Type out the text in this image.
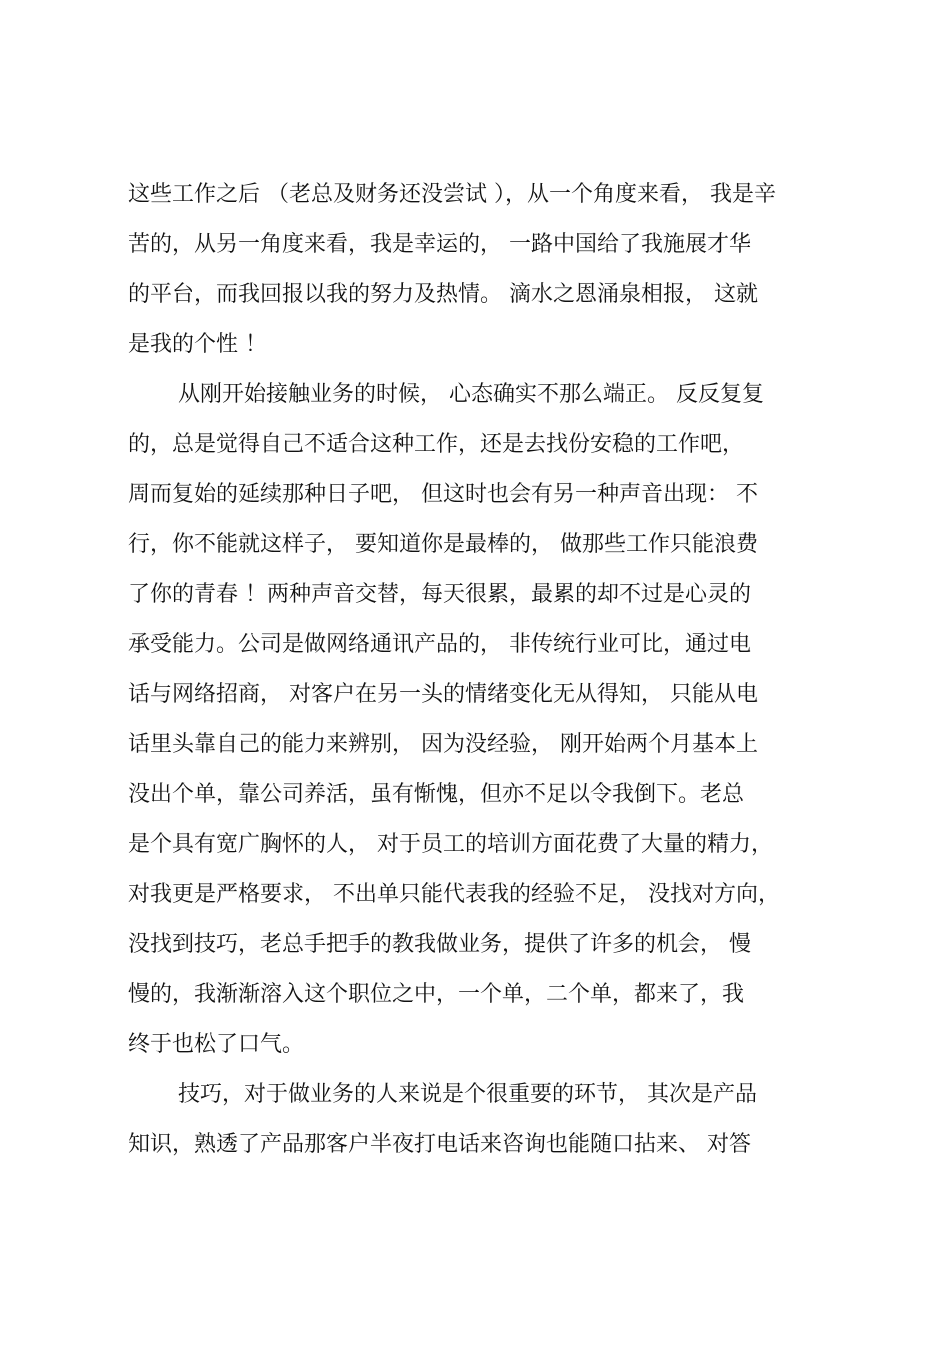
这些工作之后 （老总及财务还没尝试 ），从一个角度来看， 我是辛
苦的，从另一角度来看，我是幸运的， 一路中国给了我施展才华
的平台，而我回报以我的努力及热情。 滴水之恩涌泉相报， 这就
是我的个性 ！
从刚开始接触业务的时候， 心态确实不那么端正。 反反复复
的，总是觉得自己不适合这种工作，还是去找份安稳的工作吧，
周而复始的延续那种日子吧， 但这时也会有另一种声音出现： 不
行，你不能就这样子， 要知道你是最棒的， 做那些工作只能浪费
了你的青春 ！两种声音交替，每天很累，最累的却不过是心灵的
承受能力。公司是做网络通讯产品的， 非传统行业可比，通过电
话与网络招商， 对客户在另一头的情绪变化无从得知， 只能从电
话里头靠自己的能力来辨别， 因为没经验， 刚开始两个月基本上
没出个单，靠公司养活，虽有惭愧，但亦不足以令我倒下。老总
是个具有宽广胸怀的人， 对于员工的培训方面花费了大量的精力，
对我更是严格要求， 不出单只能代表我的经验不足， 没找对方向，
没找到技巧，老总手把手的教我做业务，提供了许多的机会， 慢
慢的，我渐渐溶入这个职位之中，一个单，二个单，都来了，我
终于也松了口气。
技巧，对于做业务的人来说是个很重要的环节， 其次是产品
知识，熟透了产品那客户半夜打电话来咨询也能随口拈来、 对答
